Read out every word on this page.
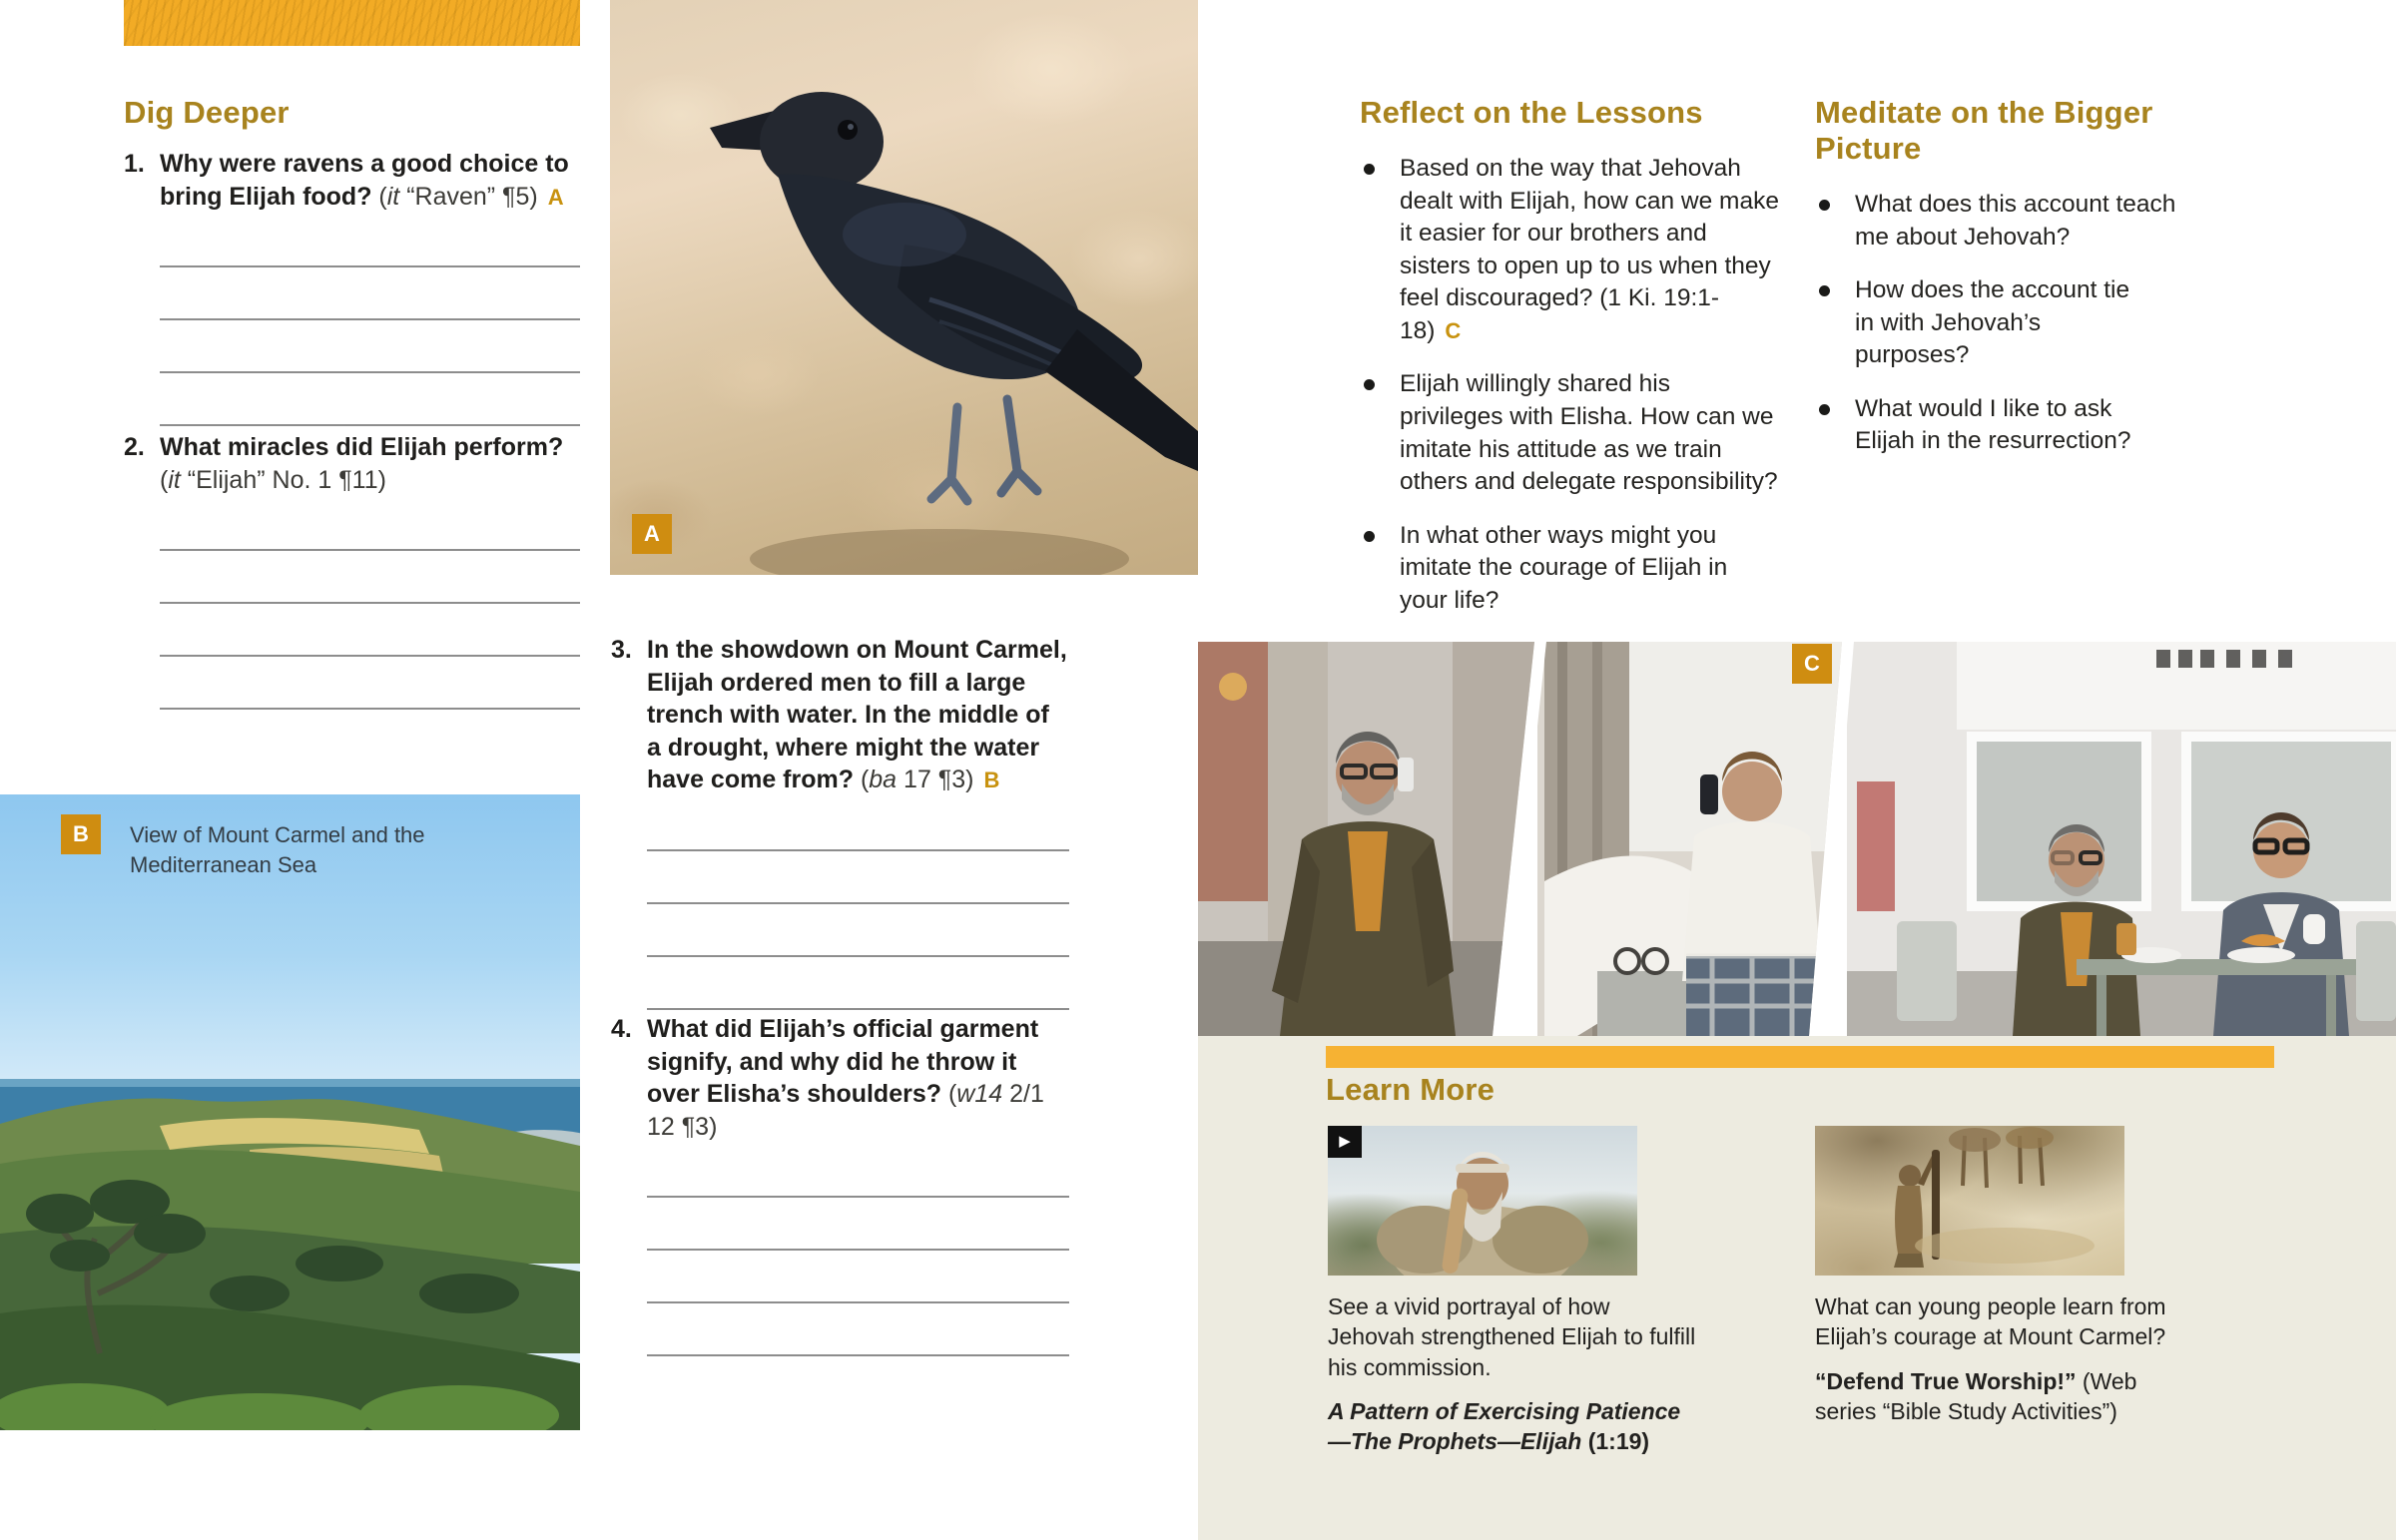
Dig Deeper
1. Why were ravens a good choice to bring Elijah food? (it “Raven” ¶5) A
2. What miracles did Elijah perform? (it “Elijah” No. 1 ¶11)
A
3. In the showdown on Mount Carmel, Elijah ordered men to fill a large trench with water. In the middle of a drought, where might the water have come from? (ba 17 ¶3) B
4. What did Elijah’s official garment signify, and why did he throw it over Elisha’s shoulders? (w14 2/1 12 ¶3)
B	View of Mount Carmel and the Mediterranean Sea
Reflect on the Lessons
Based on the way that Jehovah dealt with Elijah, how can we make it easier for our brothers and sisters to open up to us when they feel discouraged? (1 Ki. 19:1-18) C
Elijah willingly shared his privileges with Elisha. How can we imitate his attitude as we train others and delegate responsibility?
In what other ways might you imitate the courage of Elijah in your life?
Meditate on the Bigger Picture
What does this account teach me about Jehovah?
How does the account tie in with Jehovah’s purposes?
What would I like to ask Elijah in the resurrection?
C
Learn More
▶

See a vivid portrayal of how Jehovah strengthened Elijah to fulfill his commission.

A Pattern of Exercising Patience—The Prophets—Elijah (1:19)

What can young people learn from Elijah’s courage at Mount Carmel?

“Defend True Worship!” (Web series “Bible Study Activities”)
